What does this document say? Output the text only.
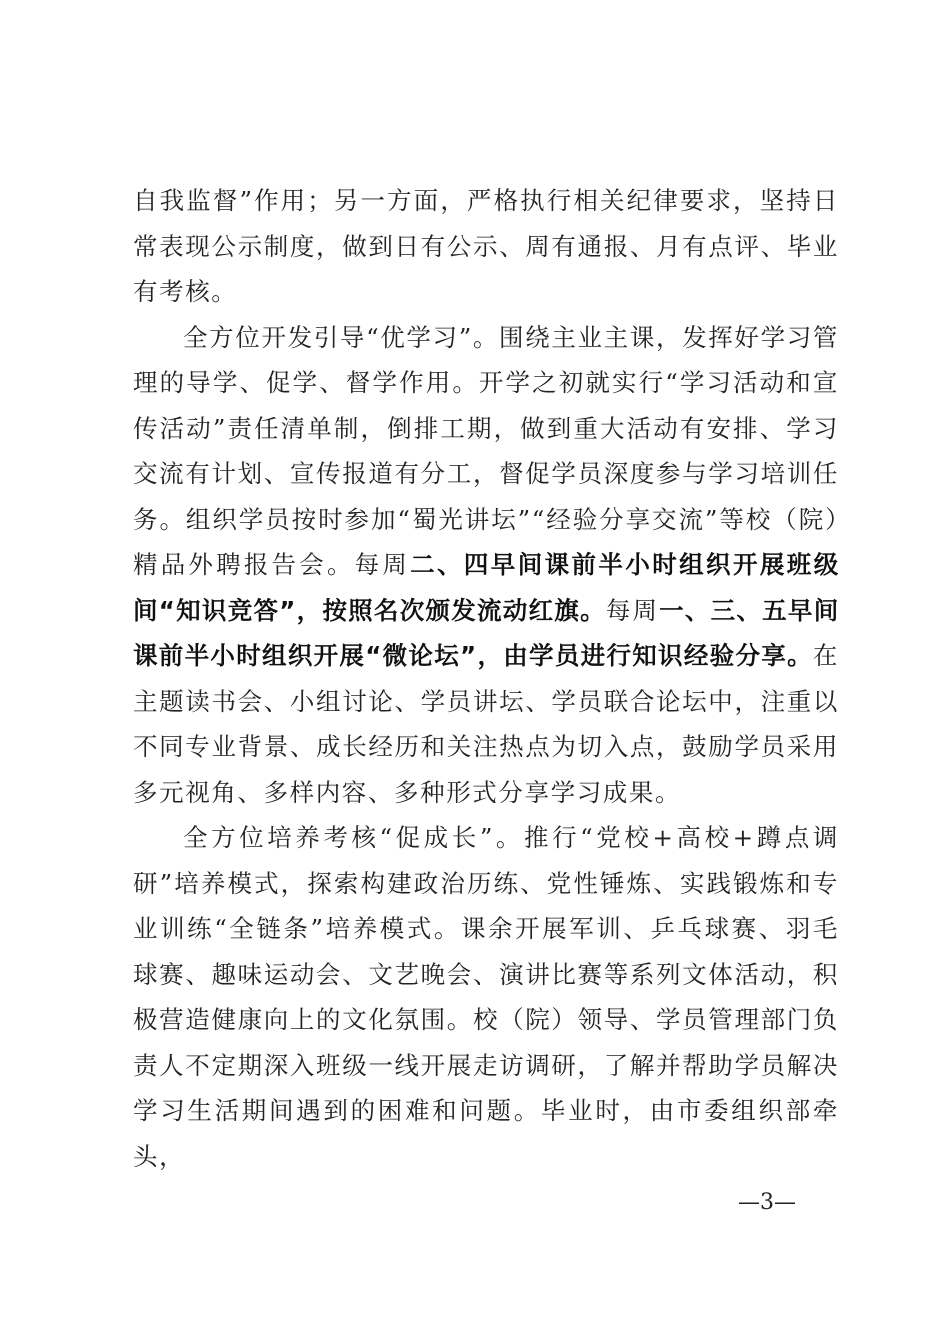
自我监督”作用；另一方面，严格执行相关纪律要求，坚持日常表现公示制度，做到日有公示、周有通报、月有点评、毕业有考核。

全方位开发引导“优学习”。围绕主业主课，发挥好学习管理的导学、促学、督学作用。开学之初就实行“学习活动和宣传活动”责任清单制，倒排工期，做到重大活动有安排、学习交流有计划、宣传报道有分工，督促学员深度参与学习培训任务。组织学员按时参加“蜀光讲坛”“经验分享交流”等校（院）精品外聘报告会。每周二、四早间课前半小时组织开展班级间“知识竞答”，按照名次颁发流动红旗。每周一、三、五早间课前半小时组织开展“微论坛”，由学员进行知识经验分享。在主题读书会、小组讨论、学员讲坛、学员联合论坛中，注重以不同专业背景、成长经历和关注热点为切入点，鼓励学员采用多元视角、多样内容、多种形式分享学习成果。

全方位培养考核“促成长”。推行“党校+高校+蹲点调研”培养模式，探索构建政治历练、党性锤炼、实践锻炼和专业训练“全链条”培养模式。课余开展军训、乒乓球赛、羽毛球赛、趣味运动会、文艺晚会、演讲比赛等系列文体活动，积极营造健康向上的文化氛围。校（院）领导、学员管理部门负责人不定期深入班级一线开展走访调研，了解并帮助学员解决学习生活期间遇到的困难和问题。毕业时，由市委组织部牵头，

—3—
